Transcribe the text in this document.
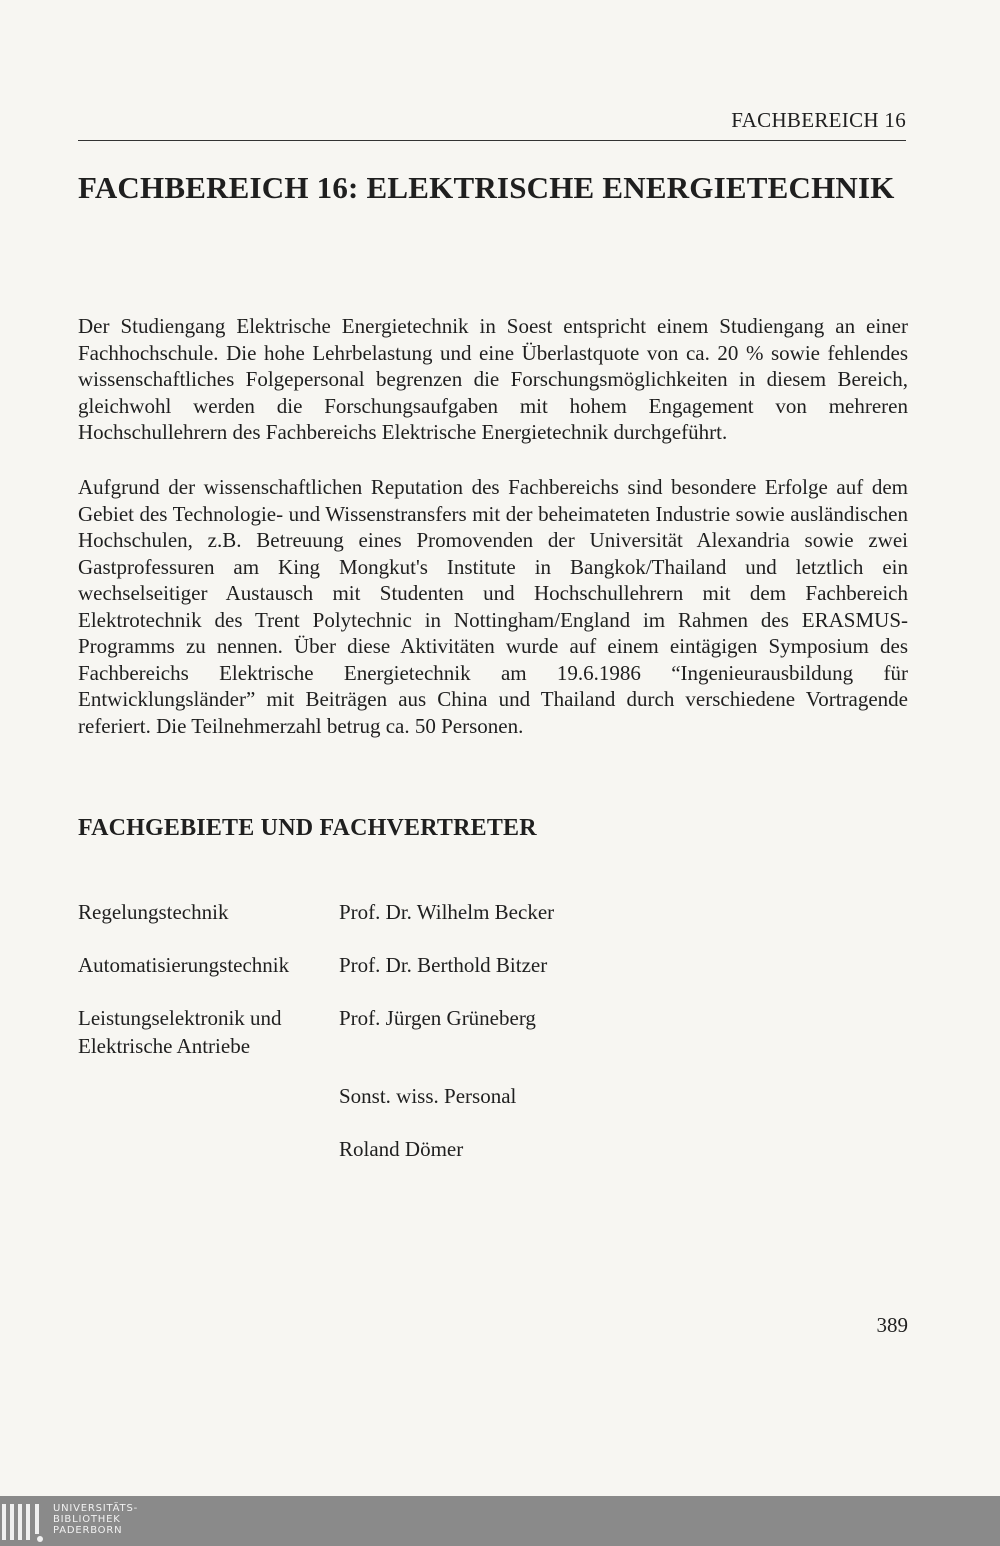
FACHBEREICH 16
FACHBEREICH 16: ELEKTRISCHE ENERGIETECHNIK

Der Studiengang Elektrische Energietechnik in Soest entspricht einem Studiengang an einer Fachhochschule. Die hohe Lehrbelastung und eine Überlastquote von ca. 20 % sowie fehlendes wissenschaftliches Folgepersonal begrenzen die Forschungsmöglichkeiten in diesem Bereich, gleichwohl werden die Forschungsaufgaben mit hohem Engagement von mehreren Hochschullehrern des Fachbereichs Elektrische Energietechnik durchgeführt.

Aufgrund der wissenschaftlichen Reputation des Fachbereichs sind besondere Erfolge auf dem Gebiet des Technologie- und Wissenstransfers mit der beheimateten Industrie sowie ausländischen Hochschulen, z.B. Betreuung eines Promovenden der Universität Alexandria sowie zwei Gastprofessuren am King Mongkut's Institute in Bangkok/Thailand und letztlich ein wechselseitiger Austausch mit Studenten und Hochschullehrern mit dem Fachbereich Elektrotechnik des Trent Polytechnic in Nottingham/England im Rahmen des ERASMUS-Programms zu nennen. Über diese Aktivitäten wurde auf einem eintägigen Symposium des Fachbereichs Elektrische Energietechnik am 19.6.1986 “Ingenieurausbildung für Entwicklungsländer” mit Beiträgen aus China und Thailand durch verschiedene Vortragende referiert. Die Teilnehmerzahl betrug ca. 50 Personen.

FACHGEBIETE UND FACHVERTRETER
Regelungstechnik	Prof. Dr. Wilhelm Becker
Automatisierungstechnik	Prof. Dr. Berthold Bitzer
Leistungselektronik und Elektrische Antriebe
Prof. Jürgen Grüneberg
Sonst. wiss. Personal
Roland Dömer
389
UNIVERSITÄTS-
BIBLIOTHEK
PADERBORN
